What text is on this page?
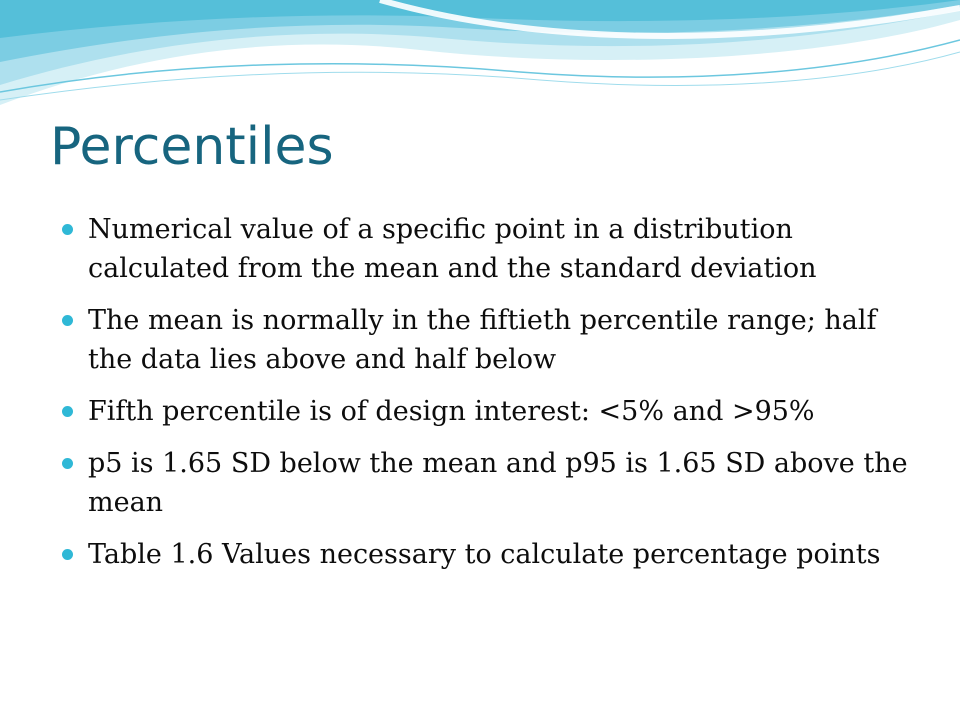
Percentiles
Numerical value of a specific point in a distribution calculated from the mean and the standard deviation
The mean is normally in the fiftieth percentile range; half the data lies above and half below
Fifth percentile is of design interest: <5% and >95%
p5 is 1.65 SD below the mean and p95 is 1.65 SD above the mean
Table 1.6 Values necessary to calculate percentage points
